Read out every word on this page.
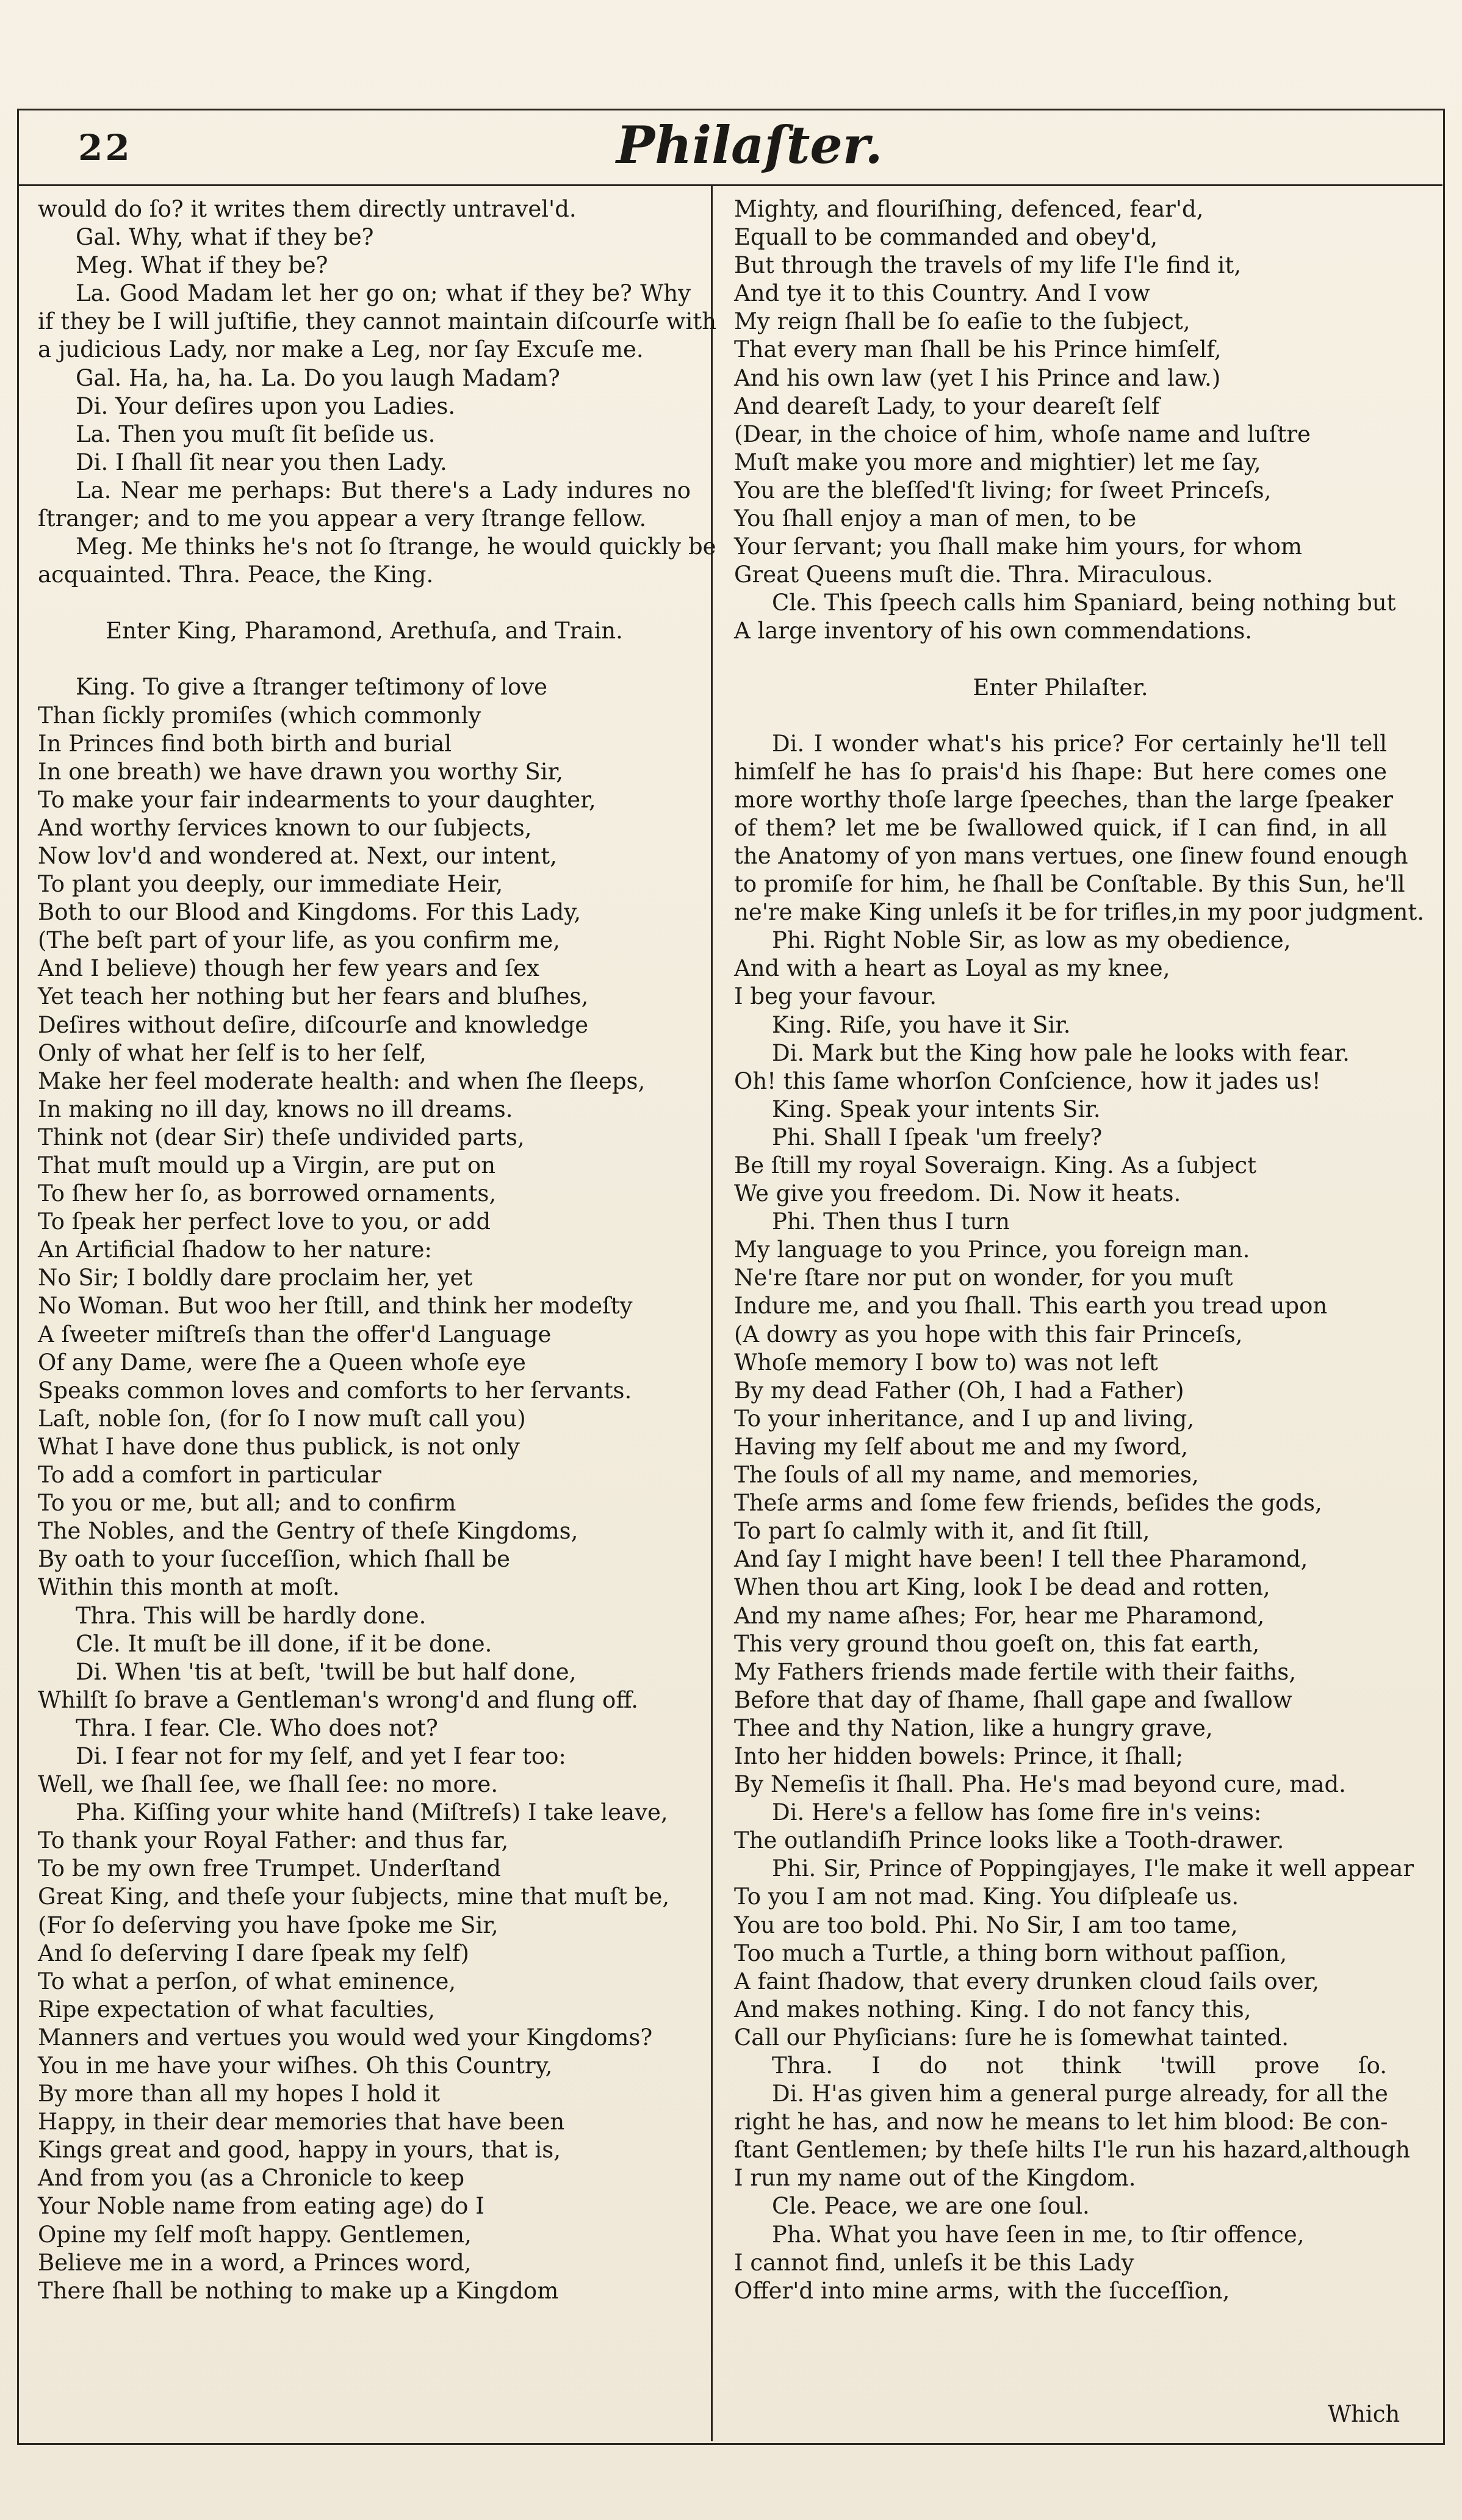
22	Philaſter.
would do ſo? it writes them directly untravel'd.
Gal. Why, what if they be?
Meg. What if they be?
La. Good Madam let her go on; what if they be? Why
if they be I will juſtifie, they cannot maintain diſcourſe with
a judicious Lady, nor make a Leg, nor ſay Excuſe me.
Gal. Ha, ha, ha. La. Do you laugh Madam?
Di. Your deſires upon you Ladies.
La. Then you muſt ſit beſide us.
Di. I ſhall ſit near you then Lady.
La. Near me perhaps: But there's a Lady indures no
ſtranger; and to me you appear a very ſtrange fellow.
Meg. Me thinks he's not ſo ſtrange, he would quickly be
acquainted. Thra. Peace, the King.
Enter King, Pharamond, Arethuſa, and Train.
King. To give a ſtranger teſtimony of love
Than ſickly promiſes (which commonly
In Princes find both birth and burial
In one breath) we have drawn you worthy Sir,
To make your fair indearments to your daughter,
And worthy ſervices known to our ſubjects,
Now lov'd and wondered at. Next, our intent,
To plant you deeply, our immediate Heir,
Both to our Blood and Kingdoms. For this Lady,
(The beſt part of your life, as you confirm me,
And I believe) though her few years and ſex
Yet teach her nothing but her fears and bluſhes,
Deſires without deſire, diſcourſe and knowledge
Only of what her ſelf is to her ſelf,
Make her feel moderate health: and when ſhe ſleeps,
In making no ill day, knows no ill dreams.
Think not (dear Sir) theſe undivided parts,
That muſt mould up a Virgin, are put on
To ſhew her ſo, as borrowed ornaments,
To ſpeak her perfect love to you, or add
An Artificial ſhadow to her nature:
No Sir; I boldly dare proclaim her, yet
No Woman. But woo her ſtill, and think her modeſty
A ſweeter miſtreſs than the offer'd Language
Of any Dame, were ſhe a Queen whoſe eye
Speaks common loves and comforts to her ſervants.
Laſt, noble ſon, (for ſo I now muſt call you)
What I have done thus publick, is not only
To add a comfort in particular
To you or me, but all; and to confirm
The Nobles, and the Gentry of theſe Kingdoms,
By oath to your ſucceſſion, which ſhall be
Within this month at moſt.
Thra. This will be hardly done.
Cle. It muſt be ill done, if it be done.
Di. When 'tis at beſt, 'twill be but half done,
Whilſt ſo brave a Gentleman's wrong'd and flung off.
Thra. I fear. Cle. Who does not?
Di. I fear not for my ſelf, and yet I fear too:
Well, we ſhall ſee, we ſhall ſee: no more.
Pha. Kiſſing your white hand (Miſtreſs) I take leave,
To thank your Royal Father: and thus far,
To be my own free Trumpet. Underſtand
Great King, and theſe your ſubjects, mine that muſt be,
(For ſo deſerving you have ſpoke me Sir,
And ſo deſerving I dare ſpeak my ſelf)
To what a perſon, of what eminence,
Ripe expectation of what faculties,
Manners and vertues you would wed your Kingdoms?
You in me have your wiſhes. Oh this Country,
By more than all my hopes I hold it
Happy, in their dear memories that have been
Kings great and good, happy in yours, that is,
And from you (as a Chronicle to keep
Your Noble name from eating age) do I
Opine my ſelf moſt happy. Gentlemen,
Believe me in a word, a Princes word,
There ſhall be nothing to make up a Kingdom
Mighty, and flouriſhing, defenced, fear'd,
Equall to be commanded and obey'd,
But through the travels of my life I'le find it,
And tye it to this Country. And I vow
My reign ſhall be ſo eaſie to the ſubject,
That every man ſhall be his Prince himſelf,
And his own law (yet I his Prince and law.)
And deareſt Lady, to your deareſt ſelf
(Dear, in the choice of him, whoſe name and luſtre
Muſt make you more and mightier) let me ſay,
You are the bleſſed'ſt living; for ſweet Princeſs,
You ſhall enjoy a man of men, to be
Your ſervant; you ſhall make him yours, for whom
Great Queens muſt die. Thra. Miraculous.
Cle. This ſpeech calls him Spaniard, being nothing but
A large inventory of his own commendations.
Enter Philaſter.
Di. I wonder what's his price? For certainly he'll tell
himſelf he has ſo prais'd his ſhape: But here comes one
more worthy thoſe large ſpeeches, than the large ſpeaker
of them? let me be ſwallowed quick, if I can find, in all
the Anatomy of yon mans vertues, one ſinew found enough
to promiſe for him, he ſhall be Conſtable. By this Sun, he'll
ne're make King unleſs it be for trifles,in my poor judgment.
Phi. Right Noble Sir, as low as my obedience,
And with a heart as Loyal as my knee,
I beg your favour.
King. Riſe, you have it Sir.
Di. Mark but the King how pale he looks with fear.
Oh! this ſame whorſon Conſcience, how it jades us!
King. Speak your intents Sir.
Phi. Shall I ſpeak 'um freely?
Be ſtill my royal Soveraign. King. As a ſubject
We give you freedom. Di. Now it heats.
Phi. Then thus I turn
My language to you Prince, you foreign man.
Ne're ſtare nor put on wonder, for you muſt
Indure me, and you ſhall. This earth you tread upon
(A dowry as you hope with this fair Princeſs,
Whoſe memory I bow to) was not left
By my dead Father (Oh, I had a Father)
To your inheritance, and I up and living,
Having my ſelf about me and my ſword,
The ſouls of all my name, and memories,
Theſe arms and ſome few friends, beſides the gods,
To part ſo calmly with it, and ſit ſtill,
And ſay I might have been! I tell thee Pharamond,
When thou art King, look I be dead and rotten,
And my name aſhes; For, hear me Pharamond,
This very ground thou goeſt on, this fat earth,
My Fathers friends made fertile with their faiths,
Before that day of ſhame, ſhall gape and ſwallow
Thee and thy Nation, like a hungry grave,
Into her hidden bowels: Prince, it ſhall;
By Nemeſis it ſhall. Pha. He's mad beyond cure, mad.
Di. Here's a fellow has ſome fire in's veins:
The outlandiſh Prince looks like a Tooth-drawer.
Phi. Sir, Prince of Poppingjayes, I'le make it well appear
To you I am not mad. King. You diſpleaſe us.
You are too bold. Phi. No Sir, I am too tame,
Too much a Turtle, a thing born without paſſion,
A faint ſhadow, that every drunken cloud ſails over,
And makes nothing. King. I do not fancy this,
Call our Phyſicians: ſure he is ſomewhat tainted.
Thra. I do not think 'twill prove ſo.
Di. H'as given him a general purge already, for all the
right he has, and now he means to let him blood: Be con-
ſtant Gentlemen; by theſe hilts I'le run his hazard,although
I run my name out of the Kingdom.
Cle. Peace, we are one ſoul.
Pha. What you have ſeen in me, to ſtir offence,
I cannot find, unleſs it be this Lady
Offer'd into mine arms, with the ſucceſſion,
Which
